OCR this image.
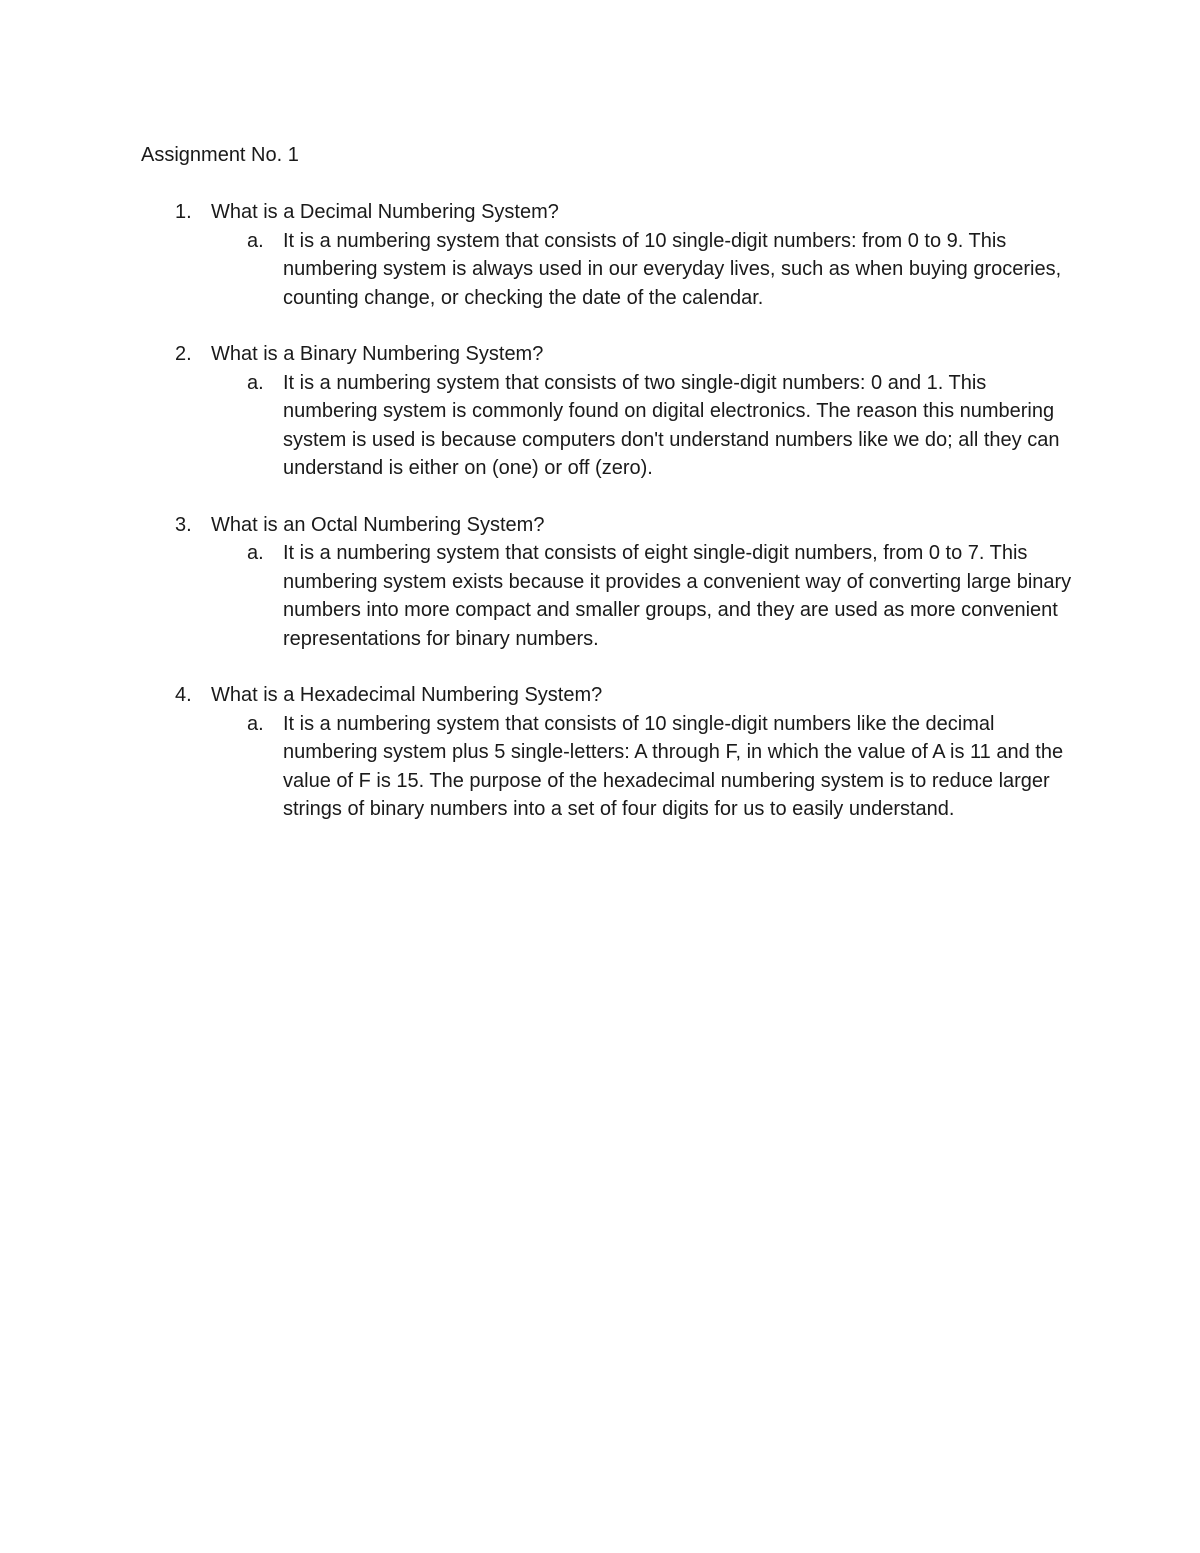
Assignment No. 1
1. What is a Decimal Numbering System?
a. It is a numbering system that consists of 10 single-digit numbers: from 0 to 9. This numbering system is always used in our everyday lives, such as when buying groceries, counting change, or checking the date of the calendar.
2. What is a Binary Numbering System?
a. It is a numbering system that consists of two single-digit numbers: 0 and 1. This numbering system is commonly found on digital electronics. The reason this numbering system is used is because computers don't understand numbers like we do; all they can understand is either on (one) or off (zero).
3. What is an Octal Numbering System?
a. It is a numbering system that consists of eight single-digit numbers, from 0 to 7. This numbering system exists because it provides a convenient way of converting large binary numbers into more compact and smaller groups, and they are used as more convenient representations for binary numbers.
4. What is a Hexadecimal Numbering System?
a. It is a numbering system that consists of 10 single-digit numbers like the decimal numbering system plus 5 single-letters: A through F, in which the value of A is 11 and the value of F is 15. The purpose of the hexadecimal numbering system is to reduce larger strings of binary numbers into a set of four digits for us to easily understand.
